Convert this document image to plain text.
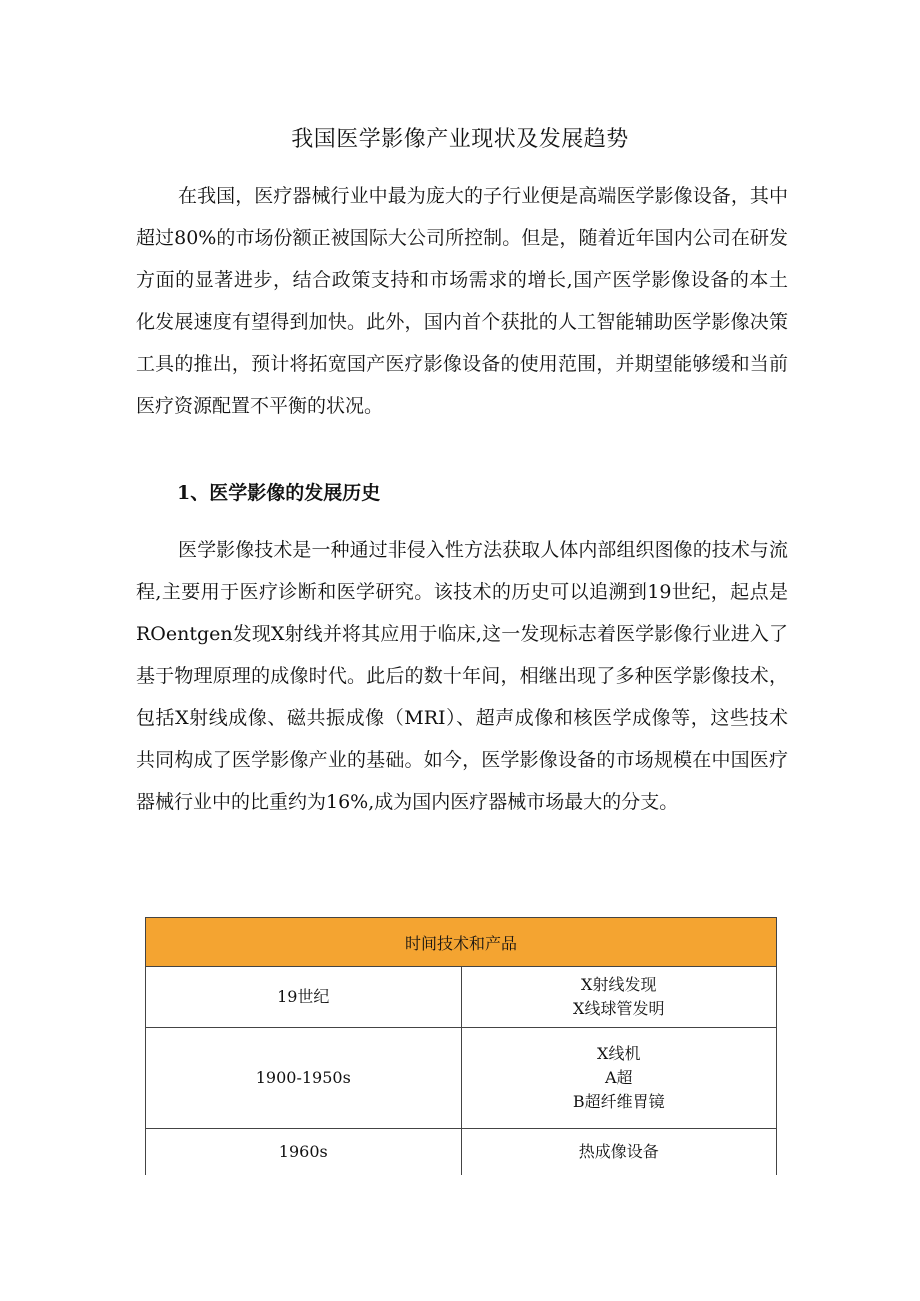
我国医学影像产业现状及发展趋势
在我国，医疗器械行业中最为庞大的子行业便是高端医学影像设备，其中超过80%的市场份额正被国际大公司所控制。但是，随着近年国内公司在研发方面的显著进步，结合政策支持和市场需求的增长,国产医学影像设备的本土化发展速度有望得到加快。此外，国内首个获批的人工智能辅助医学影像决策工具的推出，预计将拓宽国产医疗影像设备的使用范围，并期望能够缓和当前医疗资源配置不平衡的状况。
1、医学影像的发展历史
医学影像技术是一种通过非侵入性方法获取人体内部组织图像的技术与流程,主要用于医疗诊断和医学研究。该技术的历史可以追溯到19世纪，起点是ROentgen发现X射线并将其应用于临床,这一发现标志着医学影像行业进入了基于物理原理的成像时代。此后的数十年间，相继出现了多种医学影像技术，包括X射线成像、磁共振成像（MRI）、超声成像和核医学成像等，这些技术共同构成了医学影像产业的基础。如今，医学影像设备的市场规模在中国医疗器械行业中的比重约为16%,成为国内医疗器械市场最大的分支。
时间技术和产品	
19世纪	X射线发现
X线球管发明

1900-1950s	X线机
A超
B超纤维胃镜

1960s	热成像设备
